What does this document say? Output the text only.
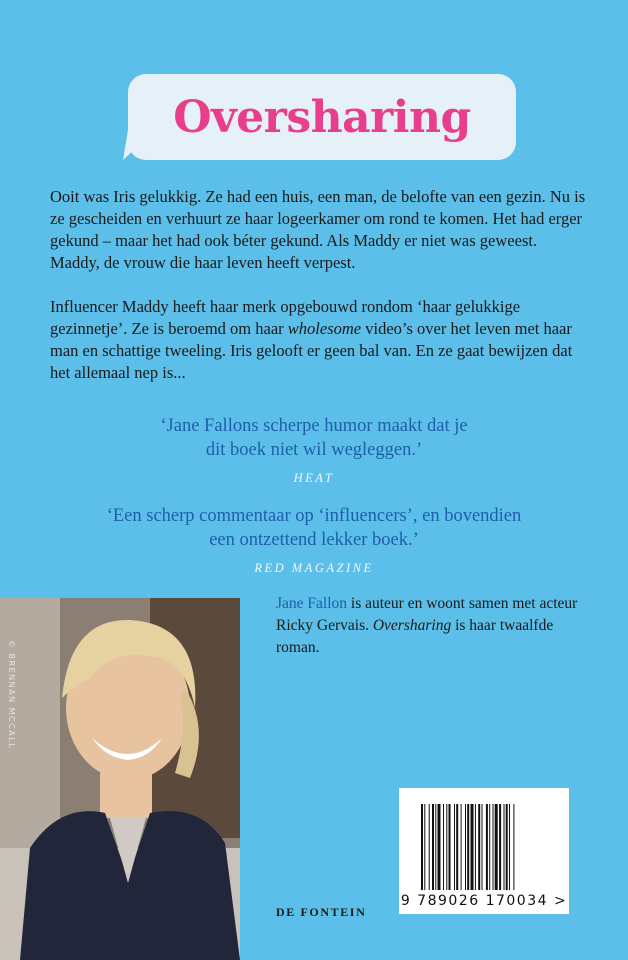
Oversharing

Ooit was Iris gelukkig. Ze had een huis, een man, de belofte van een gezin. Nu is ze gescheiden en verhuurt ze haar logeerkamer om rond te komen. Het had erger gekund – maar het had ook béter gekund. Als Maddy er niet was geweest. Maddy, de vrouw die haar leven heeft verpest.

Influencer Maddy heeft haar merk opgebouwd rondom ‘haar gelukkige gezinnetje’. Ze is beroemd om haar wholesome video’s over het leven met haar man en schattige tweeling. Iris gelooft er geen bal van. En ze gaat bewijzen dat het allemaal nep is...

‘Jane Fallons scherpe humor maakt dat je
dit boek niet wil wegleggen.’

HEAT

‘Een scherp commentaar op ‘influencers’, en bovendien
een ontzettend lekker boek.’

RED MAGAZINE
© BRENNAN MCCALL

Jane Fallon is auteur en woont samen met acteur Ricky Gervais. Oversharing is haar twaalfde roman.

DE FONTEIN
9 789026 170034 >
